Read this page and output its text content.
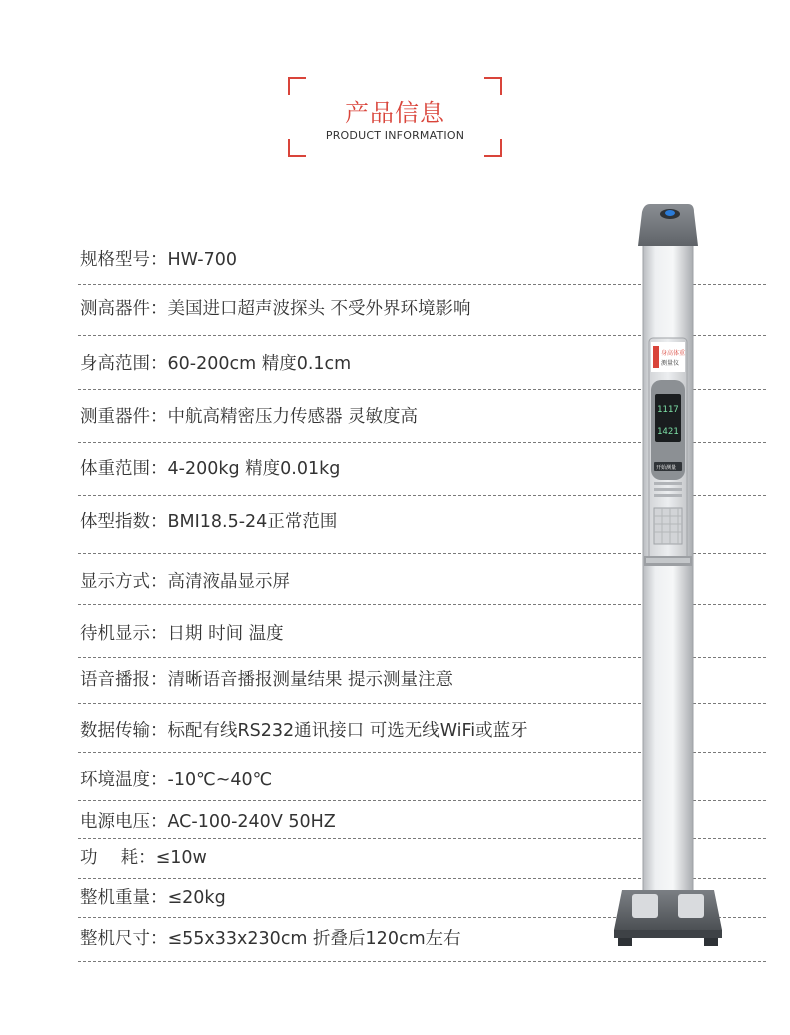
产品信息
PRODUCT INFORMATION
规格型号：HW-700
测高器件：美国进口超声波探头 不受外界环境影响
身高范围：60-200cm 精度0.1cm
测重器件：中航高精密压力传感器 灵敏度高
体重范围：4-200kg 精度0.01kg
体型指数：BMI18.5-24正常范围
显示方式：高清液晶显示屏
待机显示：日期 时间 温度
语音播报：清晰语音播报测量结果 提示测量注意
数据传输：标配有线RS232通讯接口 可选无线WiFi或蓝牙
环境温度：-10℃~40℃
电源电压：AC-100-240V 50HZ
功　 耗：≤10w
整机重量：≤20kg
整机尺寸：≤55x33x230cm 折叠后120cm左右
身高体重
测量仪
1117
1421
开始测量
